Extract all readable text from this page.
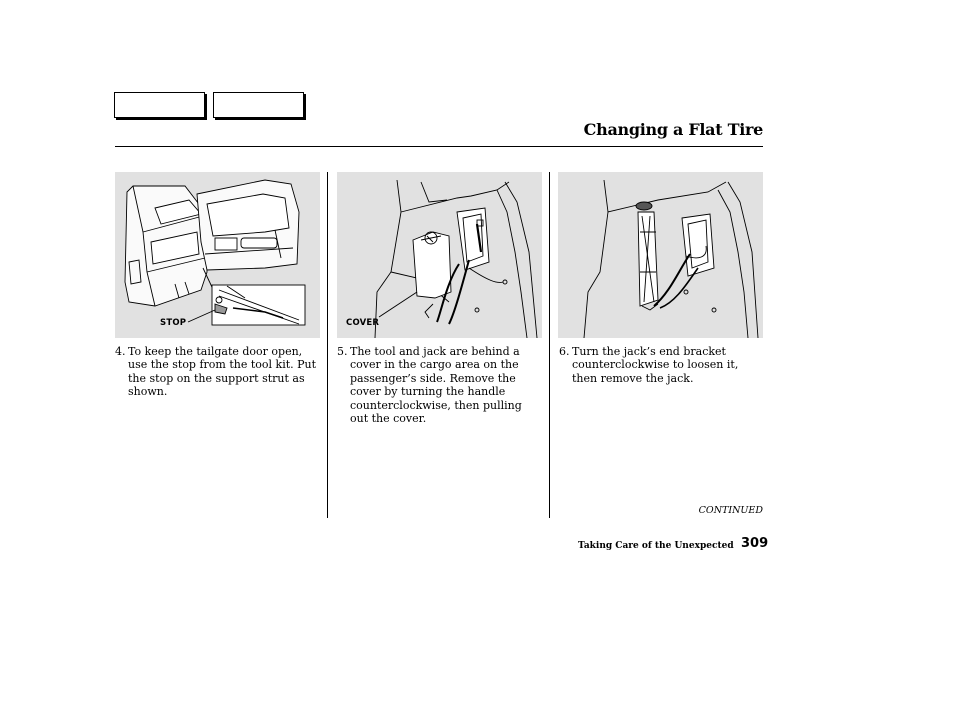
Changing a Flat Tire
STOP	COVER
4. To keep the tailgate door open, use the stop from the tool kit. Put the stop on the support strut as shown.
5. The tool and jack are behind a cover in the cargo area on the passenger’s side. Remove the cover by turning the handle counterclockwise, then pulling out the cover.
6. Turn the jack’s end bracket counterclockwise to loosen it, then remove the jack.
CONTINUED
Taking Care of the Unexpected 309
